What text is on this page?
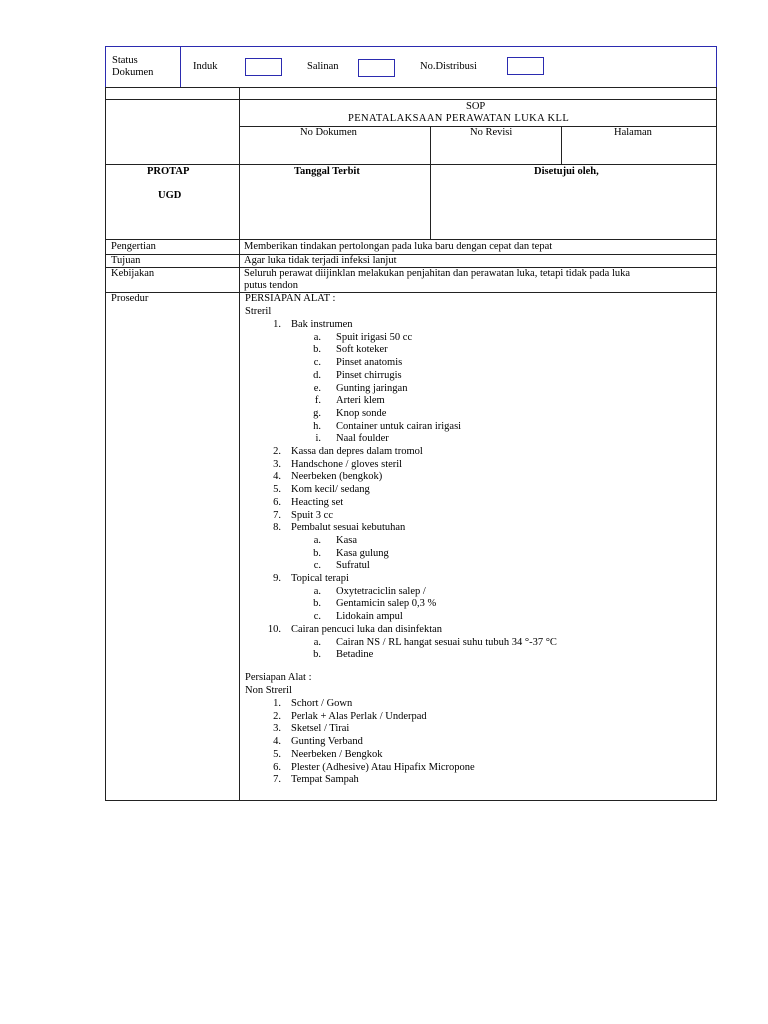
Status
Dokumen
Induk	Salinan	No.Distribusi
SOP
PENATALAKSAAN PERAWATAN LUKA KLL
No Dokumen	No Revisi	Halaman
PROTAP
UGD
Tanggal Terbit	Disetujui oleh,
Pengertian	Memberikan tindakan pertolongan pada luka baru dengan cepat dan tepat
Tujuan	Agar luka tidak terjadi infeksi lanjut
Kebijakan	Seluruh perawat diijinklan melakukan penjahitan dan perawatan luka, tetapi tidak pada luka
putus tendon
Prosedur	PERSIAPAN ALAT :
Streril
1. Bak instrumen
a. Spuit irigasi 50 cc
b. Soft koteker
c. Pinset anatomis
d. Pinset chirrugis
e. Gunting jaringan
f. Arteri klem
g. Knop sonde
h. Container untuk cairan irigasi
i. Naal foulder
2. Kassa dan depres dalam tromol
3. Handschone / gloves steril
4. Neerbeken (bengkok)
5. Kom kecil/ sedang
6. Heacting set
7. Spuit 3 cc
8. Pembalut sesuai kebutuhan
a. Kasa
b. Kasa gulung
c. Sufratul
9. Topical terapi
a. Oxytetraciclin salep /
b. Gentamicin salep 0,3 %
c. Lidokain ampul
10. Cairan pencuci luka dan disinfektan
a. Cairan NS / RL hangat sesuai suhu tubuh 34 °-37 °C
b. Betadine
Persiapan Alat :
Non Streril
1. Schort / Gown
2. Perlak + Alas Perlak / Underpad
3. Sketsel / Tirai
4. Gunting Verband
5. Neerbeken / Bengkok
6. Plester (Adhesive) Atau Hipafix Micropone
7. Tempat Sampah
